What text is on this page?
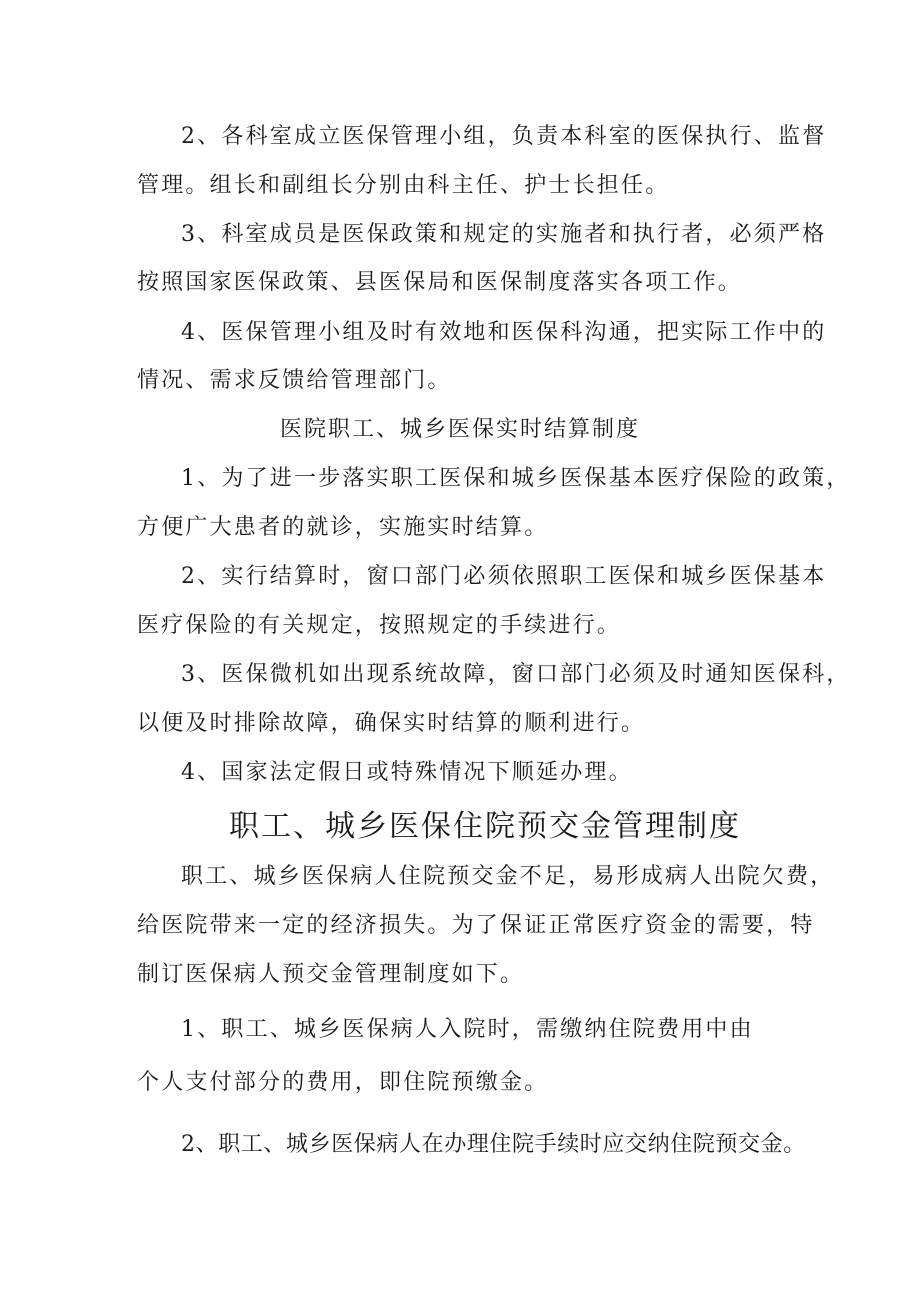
2、各科室成立医保管理小组，负责本科室的医保执行、监督
管理。组长和副组长分别由科主任、护士长担任。
3、科室成员是医保政策和规定的实施者和执行者，必须严格
按照国家医保政策、县医保局和医保制度落实各项工作。
4、医保管理小组及时有效地和医保科沟通，把实际工作中的
情况、需求反馈给管理部门。
医院职工、城乡医保实时结算制度
1、为了进一步落实职工医保和城乡医保基本医疗保险的政策，
方便广大患者的就诊，实施实时结算。
2、实行结算时，窗口部门必须依照职工医保和城乡医保基本
医疗保险的有关规定，按照规定的手续进行。
3、医保微机如出现系统故障，窗口部门必须及时通知医保科，
以便及时排除故障，确保实时结算的顺利进行。
4、国家法定假日或特殊情况下顺延办理。
职工、城乡医保住院预交金管理制度
职工、城乡医保病人住院预交金不足，易形成病人出院欠费，
给医院带来一定的经济损失。为了保证正常医疗资金的需要，特
制订医保病人预交金管理制度如下。
1、职工、城乡医保病人入院时，需缴纳住院费用中由
个人支付部分的费用，即住院预缴金。
2、职工、城乡医保病人在办理住院手续时应交纳住院预交金。
